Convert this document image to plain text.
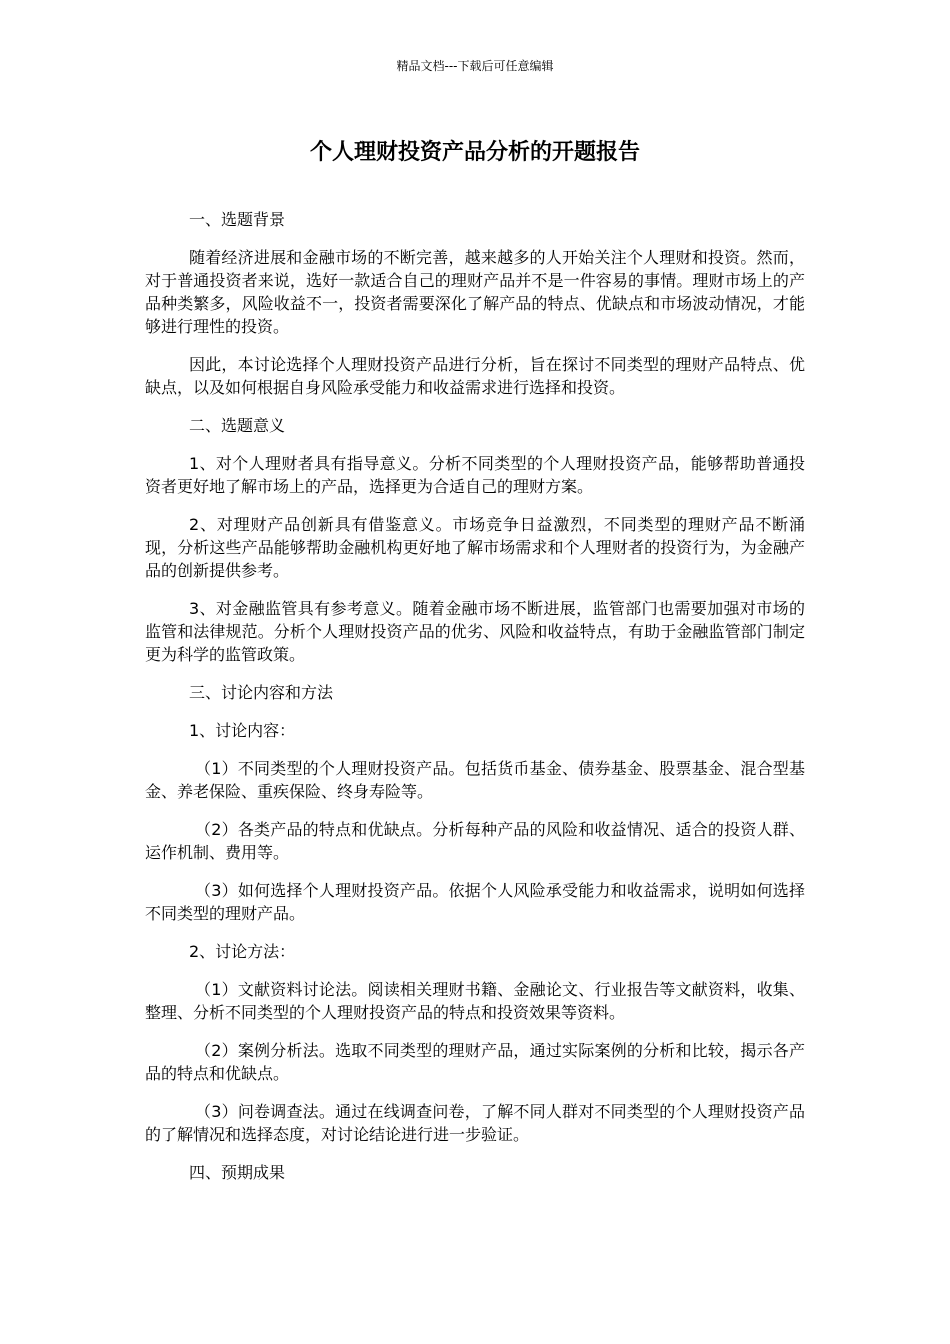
精品文档---下载后可任意编辑
个人理财投资产品分析的开题报告
一、选题背景

随着经济进展和金融市场的不断完善，越来越多的人开始关注个人理财和投资。然而，对于普通投资者来说，选好一款适合自己的理财产品并不是一件容易的事情。理财市场上的产品种类繁多，风险收益不一，投资者需要深化了解产品的特点、优缺点和市场波动情况，才能够进行理性的投资。

因此，本讨论选择个人理财投资产品进行分析，旨在探讨不同类型的理财产品特点、优缺点，以及如何根据自身风险承受能力和收益需求进行选择和投资。

二、选题意义

1、对个人理财者具有指导意义。分析不同类型的个人理财投资产品，能够帮助普通投资者更好地了解市场上的产品，选择更为合适自己的理财方案。

2、对理财产品创新具有借鉴意义。市场竞争日益激烈，不同类型的理财产品不断涌现，分析这些产品能够帮助金融机构更好地了解市场需求和个人理财者的投资行为，为金融产品的创新提供参考。

3、对金融监管具有参考意义。随着金融市场不断进展，监管部门也需要加强对市场的监管和法律规范。分析个人理财投资产品的优劣、风险和收益特点，有助于金融监管部门制定更为科学的监管政策。

三、讨论内容和方法
1、讨论内容：

（1）不同类型的个人理财投资产品。包括货币基金、债券基金、股票基金、混合型基金、养老保险、重疾保险、终身寿险等。

（2）各类产品的特点和优缺点。分析每种产品的风险和收益情况、适合的投资人群、运作机制、费用等。

（3）如何选择个人理财投资产品。依据个人风险承受能力和收益需求，说明如何选择不同类型的理财产品。

2、讨论方法：

（1）文献资料讨论法。阅读相关理财书籍、金融论文、行业报告等文献资料，收集、整理、分析不同类型的个人理财投资产品的特点和投资效果等资料。

（2）案例分析法。选取不同类型的理财产品，通过实际案例的分析和比较，揭示各产品的特点和优缺点。

（3）问卷调查法。通过在线调查问卷，了解不同人群对不同类型的个人理财投资产品的了解情况和选择态度，对讨论结论进行进一步验证。

四、预期成果
